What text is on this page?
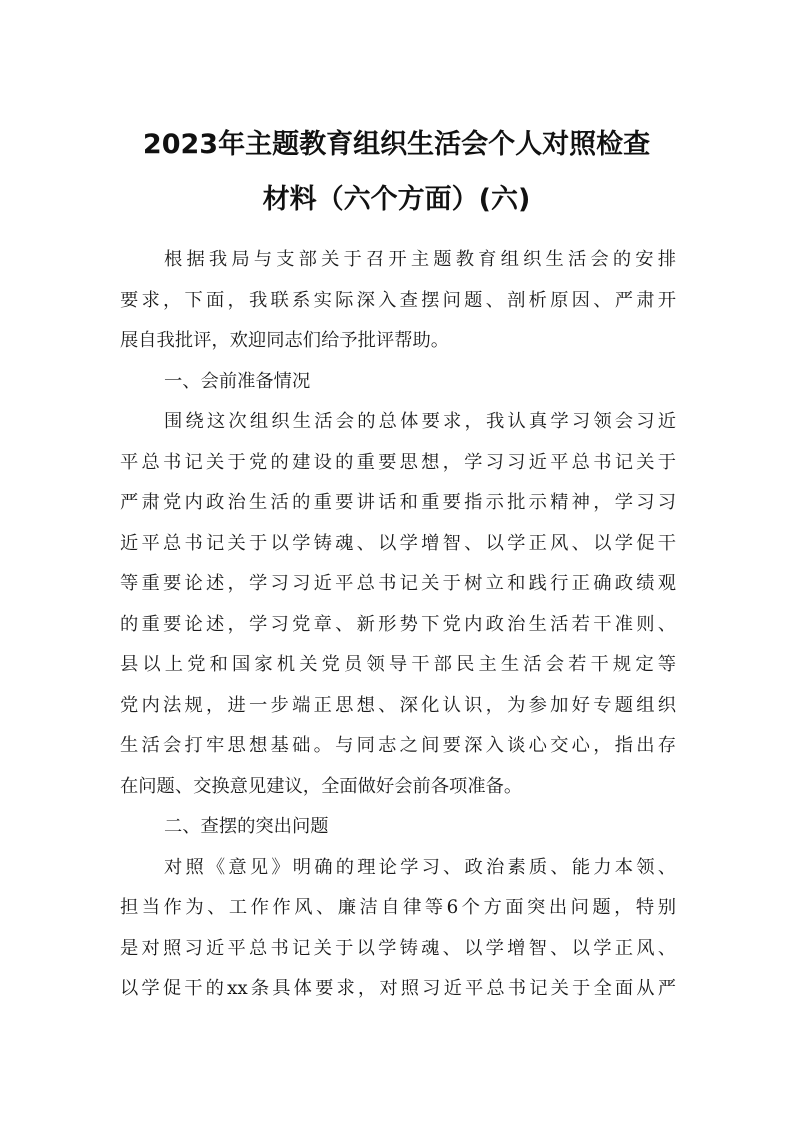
2023年主题教育组织生活会个人对照检查
材料（六个方面）(六)
根据我局与支部关于召开主题教育组织生活会的安排
要求，下面，我联系实际深入查摆问题、剖析原因、严肃开
展自我批评，欢迎同志们给予批评帮助。
一、会前准备情况
围绕这次组织生活会的总体要求，我认真学习领会习近
平总书记关于党的建设的重要思想，学习习近平总书记关于
严肃党内政治生活的重要讲话和重要指示批示精神，学习习
近平总书记关于以学铸魂、以学增智、以学正风、以学促干
等重要论述，学习习近平总书记关于树立和践行正确政绩观
的重要论述，学习党章、新形势下党内政治生活若干准则、
县以上党和国家机关党员领导干部民主生活会若干规定等
党内法规，进一步端正思想、深化认识，为参加好专题组织
生活会打牢思想基础。与同志之间要深入谈心交心，指出存
在问题、交换意见建议，全面做好会前各项准备。
二、查摆的突出问题
对照《意见》明确的理论学习、政治素质、能力本领、
担当作为、工作作风、廉洁自律等6个方面突出问题，特别
是对照习近平总书记关于以学铸魂、以学增智、以学正风、
以学促干的xx条具体要求，对照习近平总书记关于全面从严
